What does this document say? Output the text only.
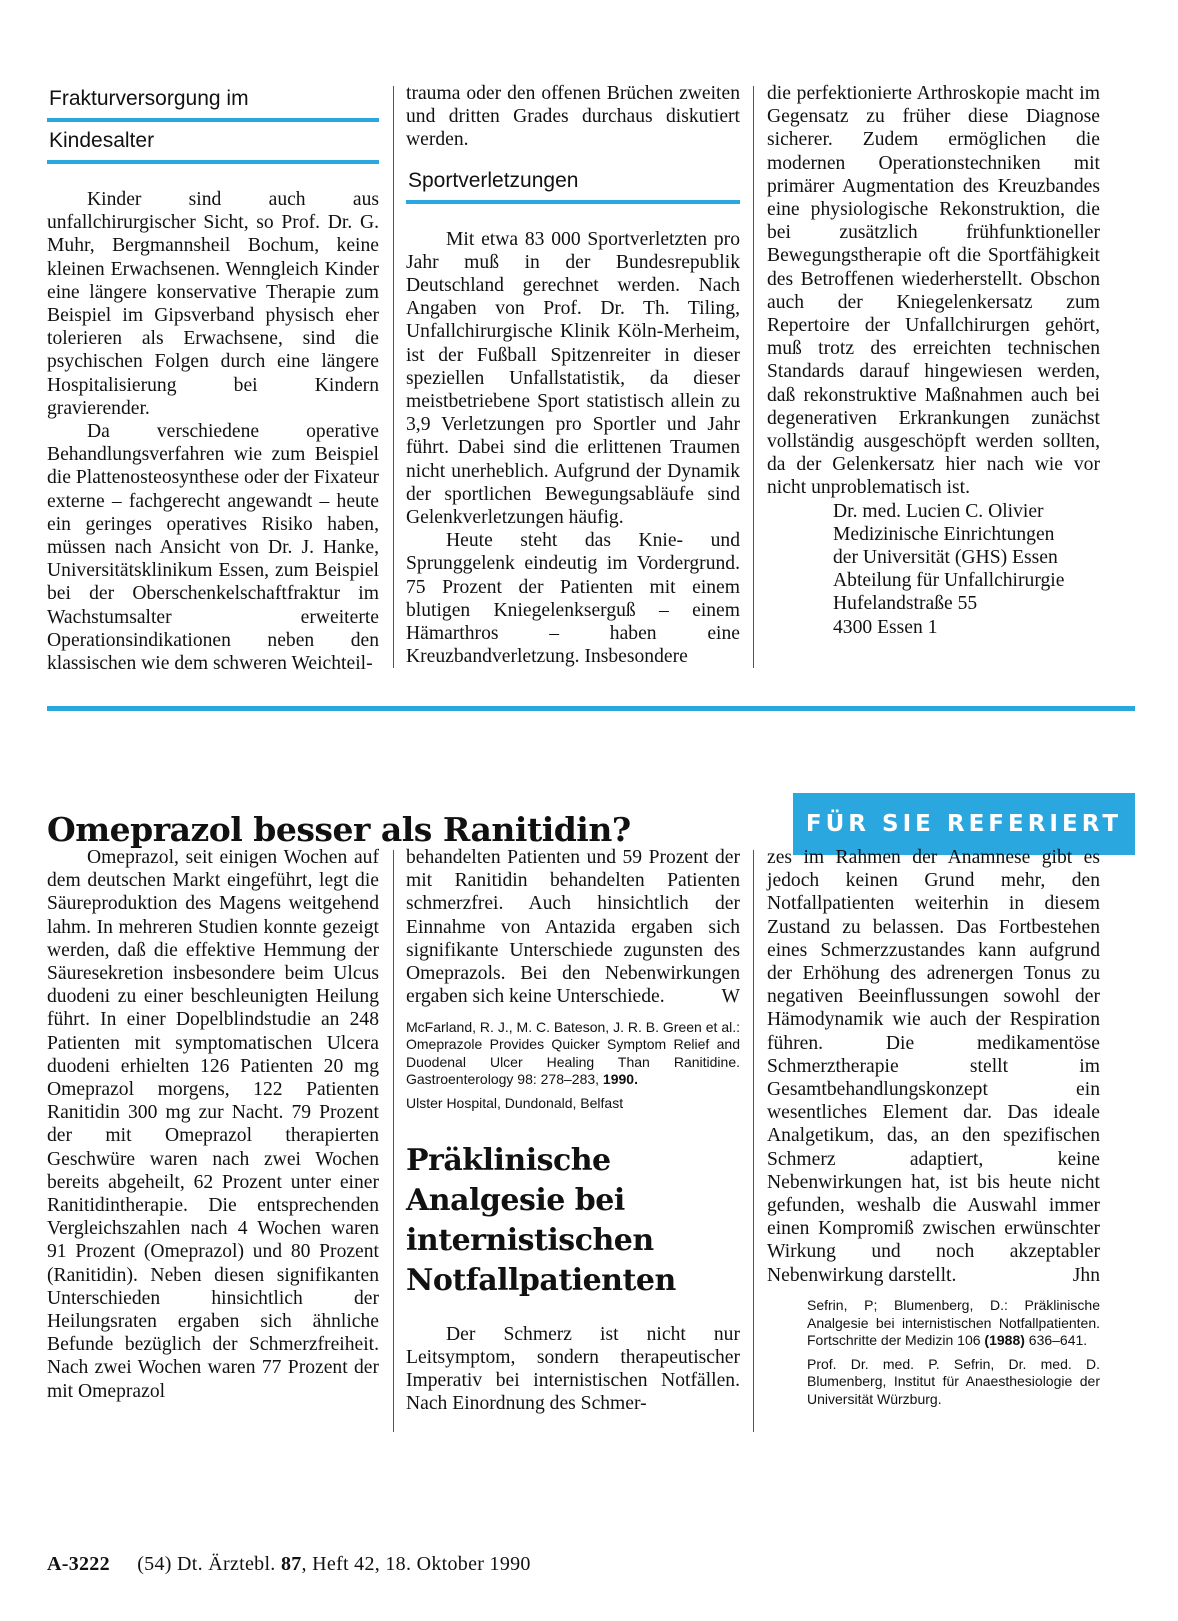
Frakturversorgung im
Kindesalter

Kinder sind auch aus unfallchirurgischer Sicht, so Prof. Dr. G. Muhr, Bergmannsheil Bochum, keine kleinen Erwachsenen. Wenngleich Kinder eine längere konservative Therapie zum Beispiel im Gipsverband physisch eher tolerieren als Erwachsene, sind die psychischen Folgen durch eine längere Hospitalisierung bei Kindern gravierender.

Da verschiedene operative Behandlungsverfahren wie zum Beispiel die Plattenosteosynthese oder der Fixateur externe – fachgerecht angewandt – heute ein geringes operatives Risiko haben, müssen nach Ansicht von Dr. J. Hanke, Universitätsklinikum Essen, zum Beispiel bei der Oberschenkelschaftfraktur im Wachstumsalter erweiterte Operationsindikationen neben den klassischen wie dem schweren Weichteil-

trauma oder den offenen Brüchen zweiten und dritten Grades durchaus diskutiert werden.

Sportverletzungen

Mit etwa 83 000 Sportverletzten pro Jahr muß in der Bundesrepublik Deutschland gerechnet werden. Nach Angaben von Prof. Dr. Th. Tiling, Unfallchirurgische Klinik Köln-Merheim, ist der Fußball Spitzenreiter in dieser speziellen Unfallstatistik, da dieser meistbetriebene Sport statistisch allein zu 3,9 Verletzungen pro Sportler und Jahr führt. Dabei sind die erlittenen Traumen nicht unerheblich. Aufgrund der Dynamik der sportlichen Bewegungsabläufe sind Gelenkverletzungen häufig.

Heute steht das Knie- und Sprunggelenk eindeutig im Vordergrund. 75 Prozent der Patienten mit einem blutigen Kniegelenkserguß – einem Hämarthros – haben eine Kreuzbandverletzung. Insbesondere

die perfektionierte Arthroskopie macht im Gegensatz zu früher diese Diagnose sicherer. Zudem ermöglichen die modernen Operationstechniken mit primärer Augmentation des Kreuzbandes eine physiologische Rekonstruktion, die bei zusätzlich frühfunktioneller Bewegungstherapie oft die Sportfähigkeit des Betroffenen wiederherstellt. Obschon auch der Kniegelenkersatz zum Repertoire der Unfallchirurgen gehört, muß trotz des erreichten technischen Standards darauf hingewiesen werden, daß rekonstruktive Maßnahmen auch bei degenerativen Erkrankungen zunächst vollständig ausgeschöpft werden sollten, da der Gelenkersatz hier nach wie vor nicht unproblematisch ist.

Dr. med. Lucien C. Olivier
Medizinische Einrichtungen
der Universität (GHS) Essen
Abteilung für Unfallchirurgie
Hufelandstraße 55
4300 Essen 1
Omeprazol besser als Ranitidin?	FÜR SIE REFERIERT

Omeprazol, seit einigen Wochen auf dem deutschen Markt eingeführt, legt die Säureproduktion des Magens weitgehend lahm. In mehreren Studien konnte gezeigt werden, daß die effektive Hemmung der Säuresekretion insbesondere beim Ulcus duodeni zu einer beschleunigten Heilung führt. In einer Dopelblindstudie an 248 Patienten mit symptomatischen Ulcera duodeni erhielten 126 Patienten 20 mg Omeprazol morgens, 122 Patienten Ranitidin 300 mg zur Nacht. 79 Prozent der mit Omeprazol therapierten Geschwüre waren nach zwei Wochen bereits abgeheilt, 62 Prozent unter einer Ranitidintherapie. Die entsprechenden Vergleichszahlen nach 4 Wochen waren 91 Prozent (Omeprazol) und 80 Prozent (Ranitidin). Neben diesen signifikanten Unterschieden hinsichtlich der Heilungsraten ergaben sich ähnliche Befunde bezüglich der Schmerzfreiheit. Nach zwei Wochen waren 77 Prozent der mit Omeprazol

behandelten Patienten und 59 Prozent der mit Ranitidin behandelten Patienten schmerzfrei. Auch hinsichtlich der Einnahme von Antazida ergaben sich signifikante Unterschiede zugunsten des Omeprazols. Bei den Nebenwirkungen ergaben sich keine Unterschiede.	W
McFarland, R. J., M. C. Bateson, J. R. B. Green et al.: Omeprazole Provides Quicker Symptom Relief and Duodenal Ulcer Healing Than Ranitidine. Gastroenterology 98: 278–283, 1990.
Ulster Hospital, Dundonald, Belfast
Präklinische Analgesie bei internistischen Notfallpatienten

Der Schmerz ist nicht nur Leitsymptom, sondern therapeutischer Imperativ bei internistischen Notfällen. Nach Einordnung des Schmer-

zes im Rahmen der Anamnese gibt es jedoch keinen Grund mehr, den Notfallpatienten weiterhin in diesem Zustand zu belassen. Das Fortbestehen eines Schmerzzustandes kann aufgrund der Erhöhung des adrenergen Tonus zu negativen Beeinflussungen sowohl der Hämodynamik wie auch der Respiration führen. Die medikamentöse Schmerztherapie stellt im Gesamtbehandlungskonzept ein wesentliches Element dar. Das ideale Analgetikum, das, an den spezifischen Schmerz adaptiert, keine Nebenwirkungen hat, ist bis heute nicht gefunden, weshalb die Auswahl immer einen Kompromiß zwischen erwünschter Wirkung und noch akzeptabler Nebenwirkung darstellt.	Jhn
Sefrin, P; Blumenberg, D.: Präklinische Analgesie bei internistischen Notfallpatienten. Fortschritte der Medizin 106 (1988) 636–641.
Prof. Dr. med. P. Sefrin, Dr. med. D. Blumenberg, Institut für Anaesthesiologie der Universität Würzburg.
A-3222 (54) Dt. Ärztebl. 87, Heft 42, 18. Oktober 1990
